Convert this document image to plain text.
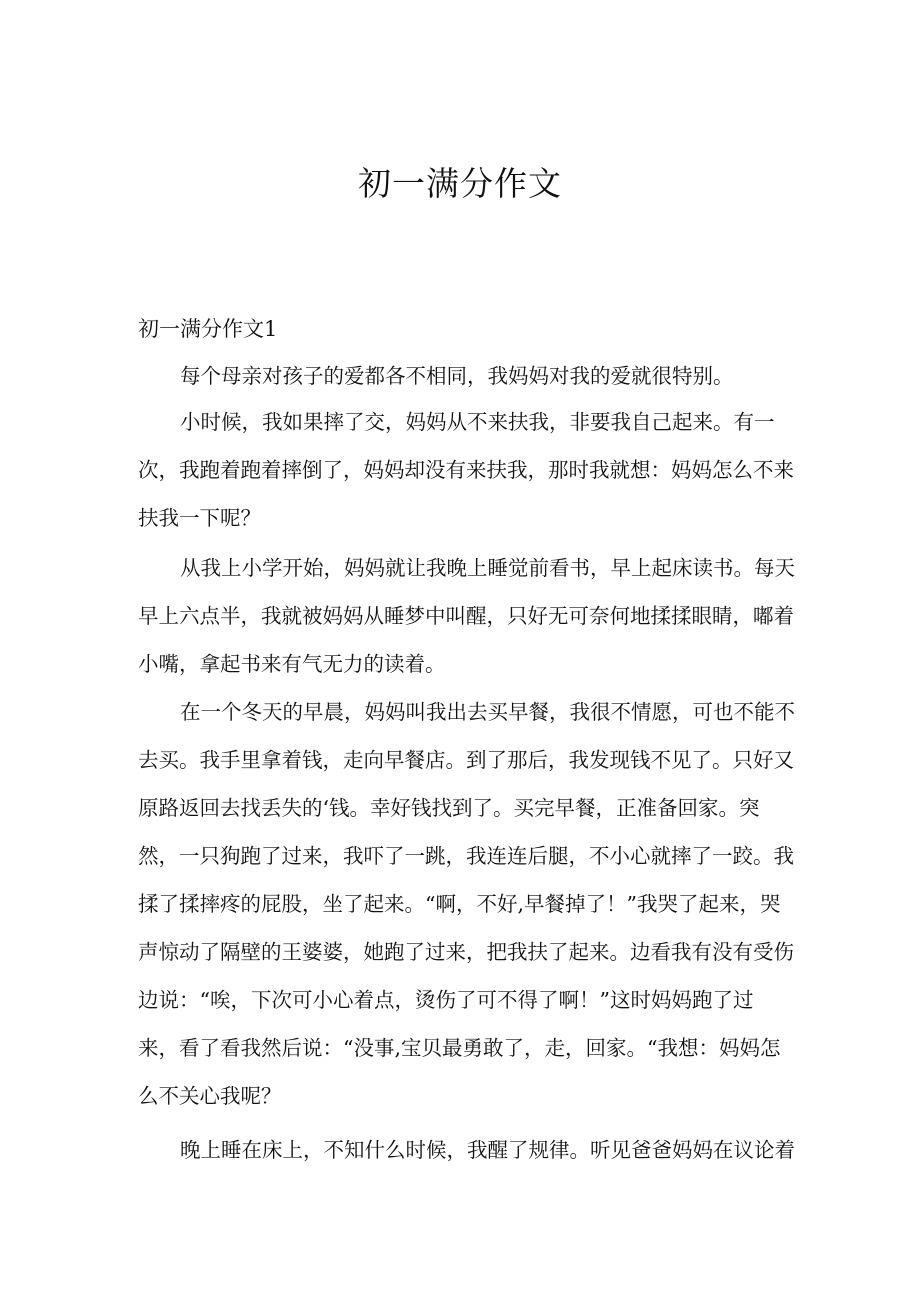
初一满分作文
初一满分作文1
每个母亲对孩子的爱都各不相同，我妈妈对我的爱就很特别。
小时候，我如果摔了交，妈妈从不来扶我，非要我自己起来。有一
次，我跑着跑着摔倒了，妈妈却没有来扶我，那时我就想：妈妈怎么不来
扶我一下呢？
从我上小学开始，妈妈就让我晚上睡觉前看书，早上起床读书。每天
早上六点半，我就被妈妈从睡梦中叫醒，只好无可奈何地揉揉眼睛，嘟着
小嘴，拿起书来有气无力的读着。
在一个冬天的早晨，妈妈叫我出去买早餐，我很不情愿，可也不能不
去买。我手里拿着钱，走向早餐店。到了那后，我发现钱不见了。只好又
原路返回去找丢失的‘钱。幸好钱找到了。买完早餐，正准备回家。突
然，一只狗跑了过来，我吓了一跳，我连连后腿，不小心就摔了一跤。我
揉了揉摔疼的屁股，坐了起来。“啊，不好,早餐掉了！”我哭了起来，哭
声惊动了隔壁的王婆婆，她跑了过来，把我扶了起来。边看我有没有受伤
边说：“唉，下次可小心着点，烫伤了可不得了啊！”这时妈妈跑了过
来，看了看我然后说：“没事,宝贝最勇敢了，走，回家。“我想：妈妈怎
么不关心我呢？
晚上睡在床上，不知什么时候，我醒了规律。听见爸爸妈妈在议论着
